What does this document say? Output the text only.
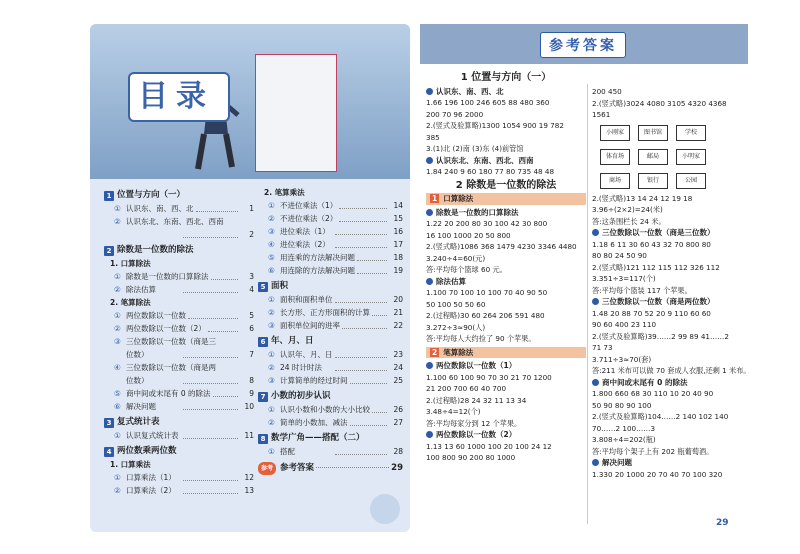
目录
1 位置与方向（一）
① 认识东、南、西、北	1
② 认识东北、东南、西北、西南
2
2 除数是一位数的除法
1. 口算除法
① 除数是一位数的口算除法	3
② 除法估算	4
2. 笔算除法
① 两位数除以一位数	5
② 两位数除以一位数（2）	6
③ 三位数除以一位数（商是三
位数）	7
④ 三位数除以一位数（商是两
位数）	8
⑤ 商中间或末尾有 0 的除法	9
⑥ 解决问题	10
3 复式统计表
① 认识复式统计表	11
4 两位数乘两位数
1. 口算乘法
① 口算乘法（1）	12
② 口算乘法（2）	13
2. 笔算乘法
① 不进位乘法（1）	14
② 不进位乘法（2）	15
③ 进位乘法（1）	16
④ 进位乘法（2）	17
⑤ 用连乘的方法解决问题	18
⑥ 用连除的方法解决问题	19
5 面积
① 面积和面积单位	20
② 长方形、正方形面积的计算	21
③ 面积单位间的进率	22
6 年、月、日
① 认识年、月、日	23
② 24 时计时法	24
③ 计算简单的经过时间	25
7 小数的初步认识
① 认识小数和小数的大小比较	26
② 简单的小数加、减法	27
8 数学广角——搭配（二）
① 搭配	28
参考 参考答案	29
参考答案
1 位置与方向（一）
认识东、南、西、北
1.66 196 100 246 605 88 480 360
200 70 96 2000
2.(竖式及验算略)1300 1054 900 19 782
385
3.(1)北 (2)南 (3)东 (4)前管馆
认识东北、东南、西北、西南
1.84 240 9 60 180 77 80 735 48 48
2 除数是一位数的除法
1 口算除法
除数是一位数的口算除法
1.22 20 200 80 30 100 42 30 800
16 100 1000 20 50 800
2.(竖式略)1086 368 1479 4230 3346 4480
3.240÷4=60(元)
答:平均每个篮球 60 元。
除法估算
1.100 70 100 10 100 70 40 90 50
50 100 50 50 60
2.(过程略)30 60 264 206 591 480
3.272÷3≈90(人)
答:平均每人大约捡了 90 个苹果。
2 笔算除法
两位数除以一位数（1）
1.100 60 100 90 70 30 21 70 1200
21 200 700 60 40 700
2.(过程略)28 24 32 11 13 34
3.48÷4=12(个)
答:平均每家分到 12 个苹果。
两位数除以一位数（2）
1.13 13 60 1000 100 20 100 24 12
100 800 90 200 80 1000
200 450
2.(竖式略)3024 4080 3105 4320 4368
1561
小刚家	图书馆	学校
体育场	邮局	小明家
商场	银行	公园
2.(竖式略)13 14 24 12 19 18
3.96÷(2×2)=24(米)
答:这条围栏长 24 米。
三位数除以一位数（商是三位数）
1.18 6 11 30 60 43 32 70 800 80
80 80 24 50 90
2.(竖式略)121 112 115 112 326 112
3.351÷3=117(个)
答:平均每个篮装 117 个苹果。
三位数除以一位数（商是两位数）
1.48 20 88 70 52 20 9 110 60 60
90 60 400 23 110
2.(竖式及验算略)39……2 99 89 41……2
71 73
3.711÷3≈70(套)
答:211 米布可以做 70 套成人衣服,还剩 1 米布。
商中间或末尾有 0 的除法
1.800 660 68 30 110 10 20 40 90
50 90 80 90 100
2.(竖式及验算略)104……2 140 102 140
70……2 100……3
3.808÷4=202(瓶)
答:平均每个架子上有 202 瓶葡萄酒。
解决问题
1.330 20 1000 20 70 40 70 100 320
29
